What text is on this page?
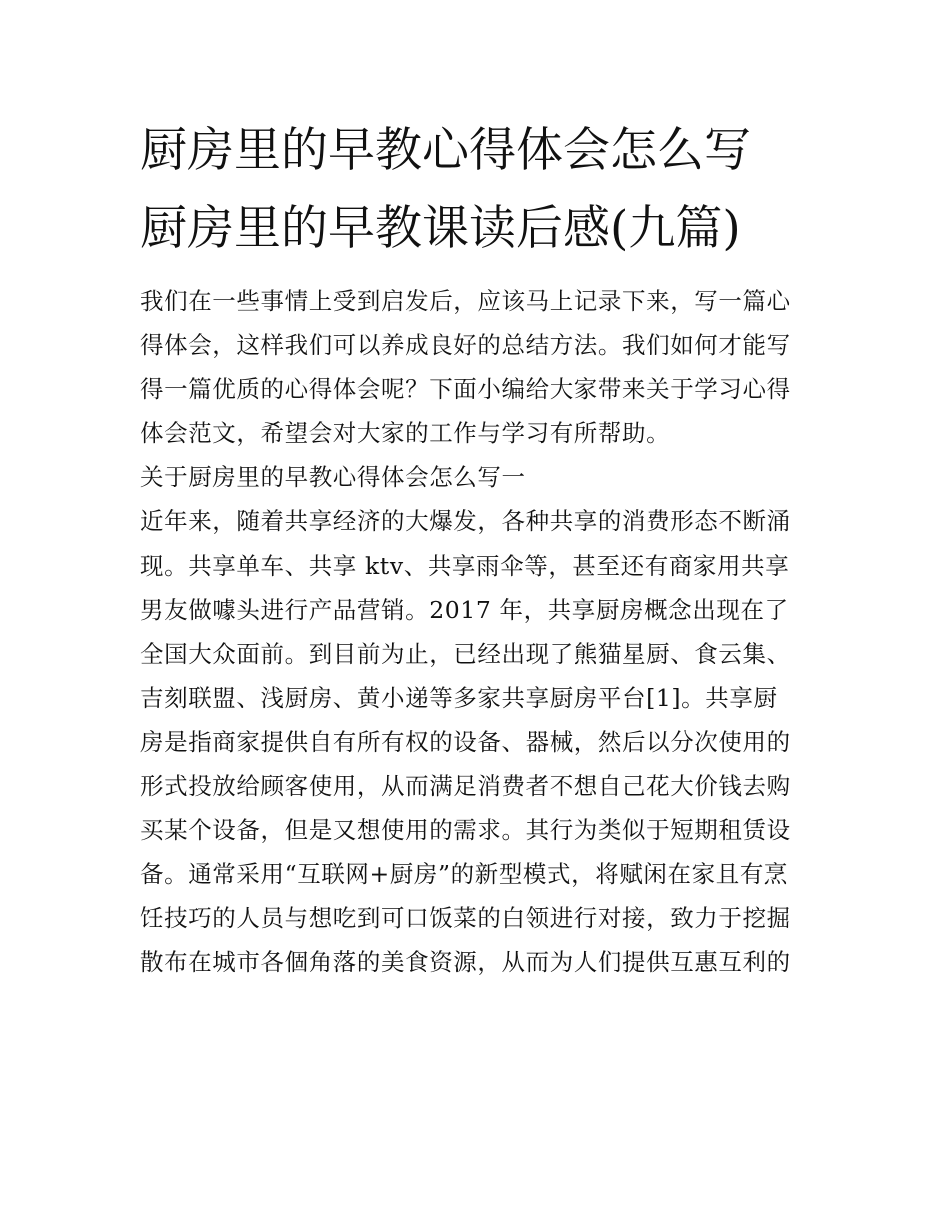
厨房里的早教心得体会怎么写
厨房里的早教课读后感(九篇)
我们在一些事情上受到启发后，应该马上记录下来，写一篇心
得体会，这样我们可以养成良好的总结方法。我们如何才能写
得一篇优质的心得体会呢？下面小编给大家带来关于学习心得
体会范文，希望会对大家的工作与学习有所帮助。
关于厨房里的早教心得体会怎么写一
近年来，随着共享经济的大爆发，各种共享的消费形态不断涌
现。共享单车、共享 ktv、共享雨伞等，甚至还有商家用共享
男友做噱头进行产品营销。2017 年，共享厨房概念出现在了
全国大众面前。到目前为止，已经出现了熊猫星厨、食云集、
吉刻联盟、浅厨房、黄小递等多家共享厨房平台[1]。共享厨
房是指商家提供自有所有权的设备、器械，然后以分次使用的
形式投放给顾客使用，从而满足消费者不想自己花大价钱去购
买某个设备，但是又想使用的需求。其行为类似于短期租赁设
备。通常采用“互联网+厨房”的新型模式，将赋闲在家且有烹
饪技巧的人员与想吃到可口饭菜的白领进行对接，致力于挖掘
散布在城市各個角落的美食资源，从而为人们提供互惠互利的
